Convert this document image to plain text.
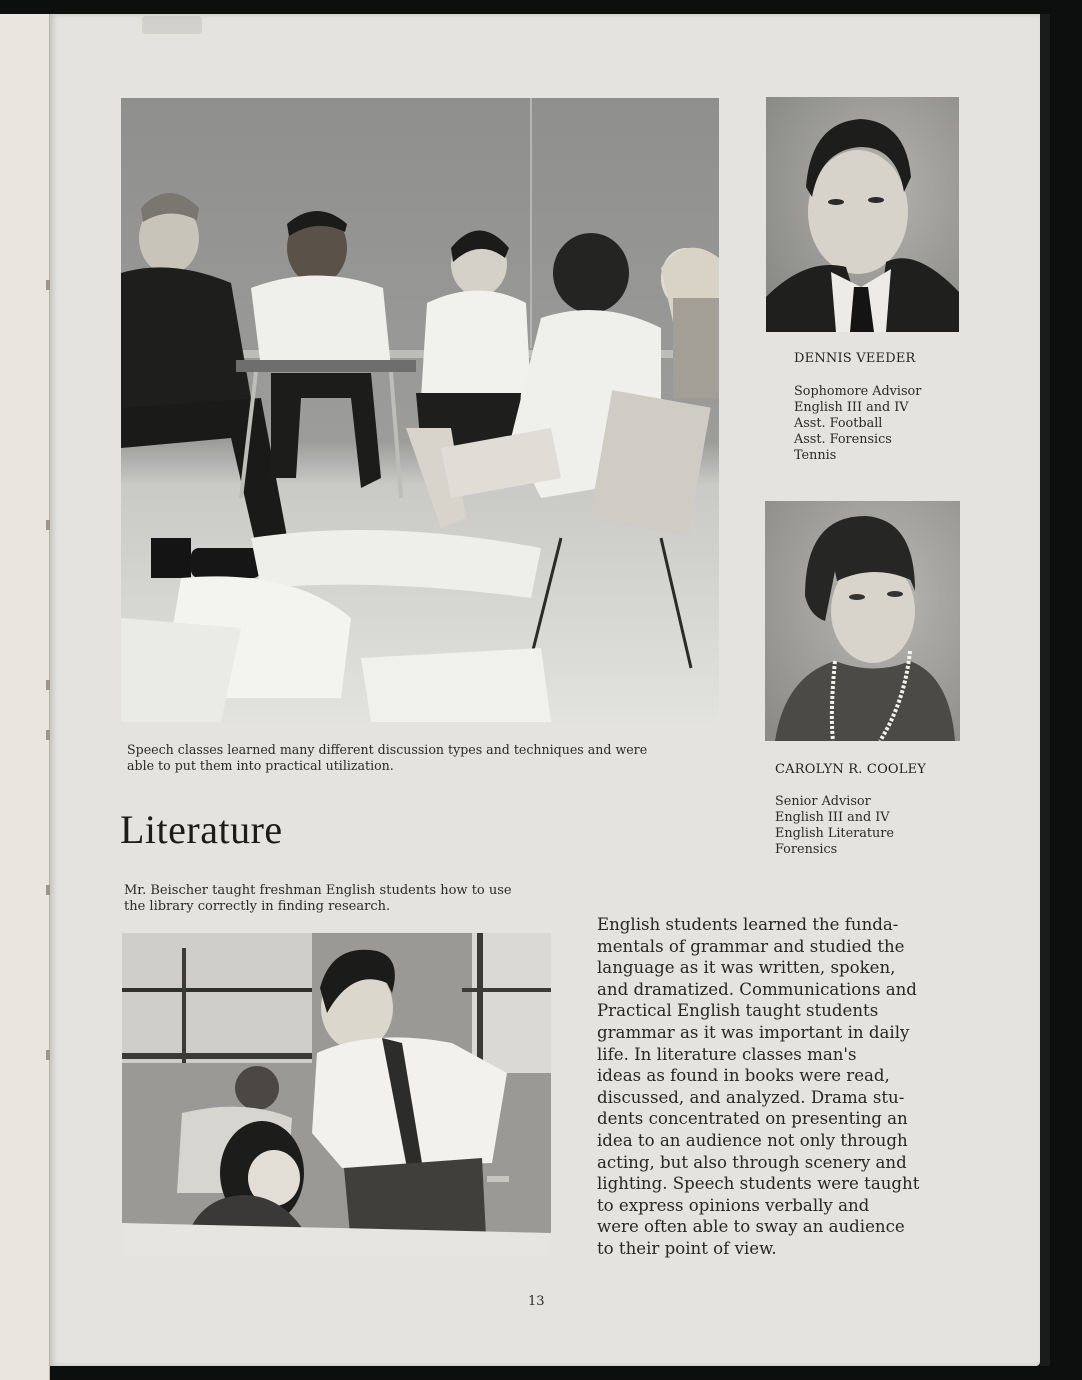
Speech classes learned many different discussion types and techniques and were
able to put them into practical utilization.
DENNIS VEEDER
Sophomore Advisor
English III and IV
Asst. Football
Asst. Forensics
Tennis
CAROLYN R. COOLEY
Senior Advisor
English III and IV
English Literature
Forensics
Literature
Mr. Beischer taught freshman English students how to use
the library correctly in finding research.
English students learned the funda-
mentals of grammar and studied the
language as it was written, spoken,
and dramatized. Communications and
Practical English taught students
grammar as it was important in daily
life. In literature classes man's
ideas as found in books were read,
discussed, and analyzed. Drama stu-
dents concentrated on presenting an
idea to an audience not only through
acting, but also through scenery and
lighting. Speech students were taught
to express opinions verbally and
were often able to sway an audience
to their point of view.
13
